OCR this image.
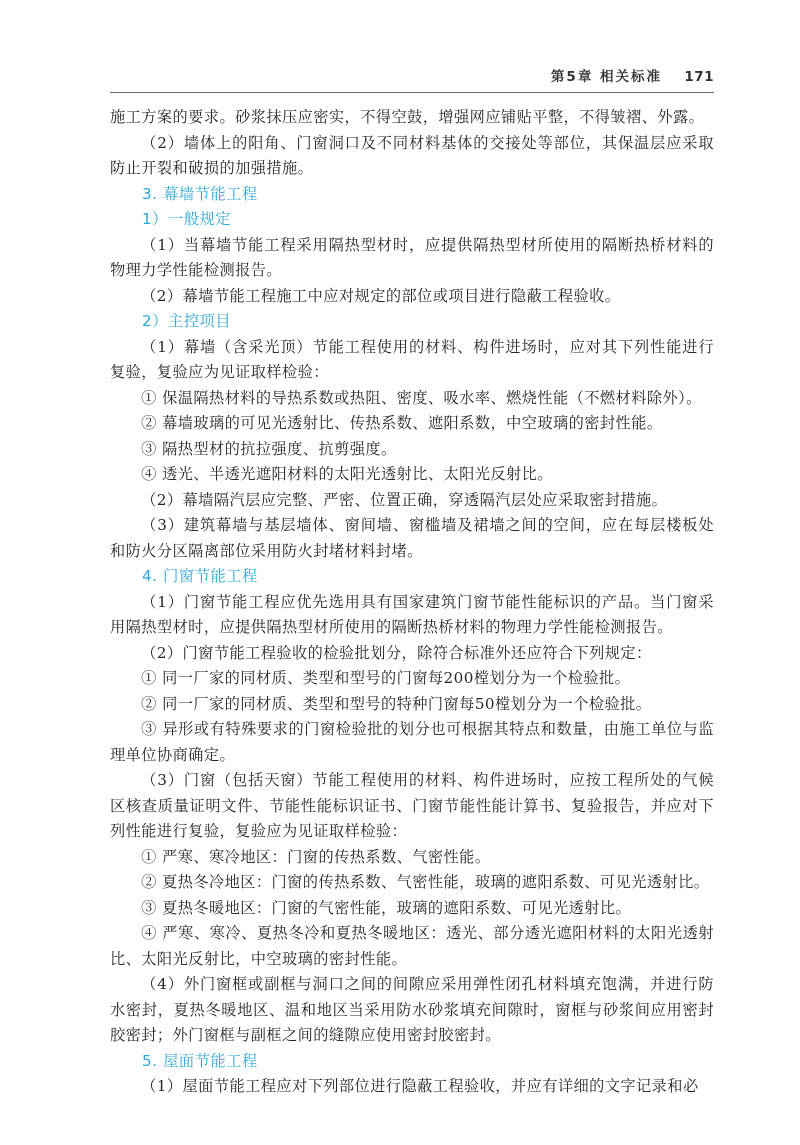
第5章 相关标准 171

施工方案的要求。砂浆抹压应密实，不得空鼓，增强网应铺贴平整，不得皱褶、外露。

（2）墙体上的阳角、门窗洞口及不同材料基体的交接处等部位，其保温层应采取防止开裂和破损的加强措施。

3. 幕墙节能工程

1）一般规定

（1）当幕墙节能工程采用隔热型材时，应提供隔热型材所使用的隔断热桥材料的物理力学性能检测报告。

（2）幕墙节能工程施工中应对规定的部位或项目进行隐蔽工程验收。

2）主控项目

（1）幕墙（含采光顶）节能工程使用的材料、构件进场时，应对其下列性能进行复验，复验应为见证取样检验：

① 保温隔热材料的导热系数或热阻、密度、吸水率、燃烧性能（不燃材料除外）。

② 幕墙玻璃的可见光透射比、传热系数、遮阳系数，中空玻璃的密封性能。

③ 隔热型材的抗拉强度、抗剪强度。

④ 透光、半透光遮阳材料的太阳光透射比、太阳光反射比。

（2）幕墙隔汽层应完整、严密、位置正确，穿透隔汽层处应采取密封措施。

（3）建筑幕墙与基层墙体、窗间墙、窗槛墙及裙墙之间的空间，应在每层楼板处和防火分区隔离部位采用防火封堵材料封堵。

4. 门窗节能工程

（1）门窗节能工程应优先选用具有国家建筑门窗节能性能标识的产品。当门窗采用隔热型材时，应提供隔热型材所使用的隔断热桥材料的物理力学性能检测报告。

（2）门窗节能工程验收的检验批划分，除符合标准外还应符合下列规定：

① 同一厂家的同材质、类型和型号的门窗每200樘划分为一个检验批。

② 同一厂家的同材质、类型和型号的特种门窗每50樘划分为一个检验批。

③ 异形或有特殊要求的门窗检验批的划分也可根据其特点和数量，由施工单位与监理单位协商确定。

（3）门窗（包括天窗）节能工程使用的材料、构件进场时，应按工程所处的气候区核查质量证明文件、节能性能标识证书、门窗节能性能计算书、复验报告，并应对下列性能进行复验，复验应为见证取样检验：

① 严寒、寒冷地区：门窗的传热系数、气密性能。

② 夏热冬冷地区：门窗的传热系数、气密性能，玻璃的遮阳系数、可见光透射比。

③ 夏热冬暖地区：门窗的气密性能，玻璃的遮阳系数、可见光透射比。

④ 严寒、寒冷、夏热冬冷和夏热冬暖地区：透光、部分透光遮阳材料的太阳光透射比、太阳光反射比，中空玻璃的密封性能。

（4）外门窗框或副框与洞口之间的间隙应采用弹性闭孔材料填充饱满，并进行防水密封，夏热冬暖地区、温和地区当采用防水砂浆填充间隙时，窗框与砂浆间应用密封胶密封；外门窗框与副框之间的缝隙应使用密封胶密封。

5. 屋面节能工程

（1）屋面节能工程应对下列部位进行隐蔽工程验收，并应有详细的文字记录和必
